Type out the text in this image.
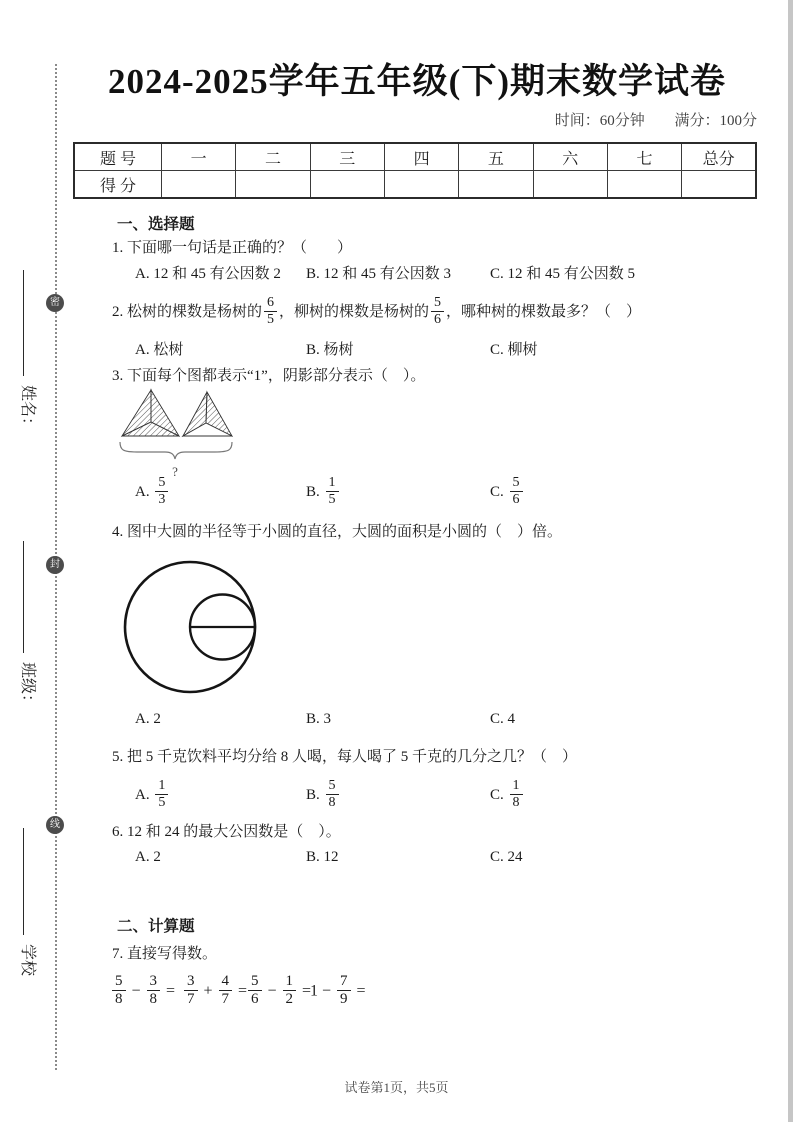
密
封
线
姓名：
班级：
学校
2024-2025学年五年级(下)期末数学试卷
时间：60分钟 满分：100分
题 号	一	二	三	四	五	六	七	总分
得 分								
一、选择题
1. 下面哪一句话是正确的？（　　）
A. 12 和 45 有公因数 2 B. 12 和 45 有公因数 3	C. 12 和 45 有公因数 5
2. 松树的棵数是杨树的 $\frac{6}{5}$ ，柳树的棵数是杨树的 $\frac{5}{6}$ ，哪种树的棵数最多？（　）
A. 松树	B. 杨树	C. 柳树
3. 下面每个图都表示“1”，阴影部分表示（　）。
?
A. $\frac{5}{3}$	B. $\frac{1}{5}$	C. $\frac{5}{6}$
4. 图中大圆的半径等于小圆的直径，大圆的面积是小圆的（　）倍。
A. 2	B. 3	C. 4
5. 把 5 千克饮料平均分给 8 人喝，每人喝了 5 千克的几分之几？（　）
A. $\frac{1}{5}$	B. $\frac{5}{8}$	C. $\frac{1}{8}$
6. 12 和 24 的最大公因数是（　）。
A. 2	B. 12	C. 24
二、计算题
7. 直接写得数。
$\frac{5}{8} - \frac{3}{8} = \frac{3}{7} + \frac{4}{7} = \frac{5}{6} - \frac{1}{2}$ =
$1 - \frac{7}{9}$ =
试卷第1页，共5页
